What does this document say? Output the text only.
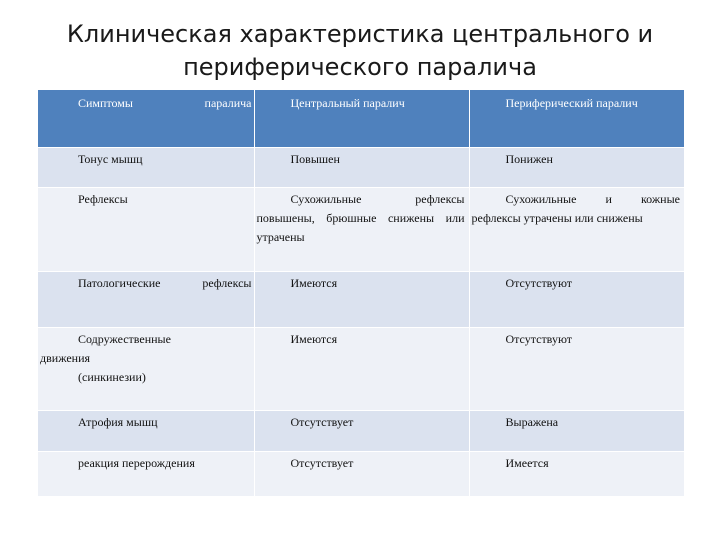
Клиническая характеристика центрального и
периферического паралича
Симптомы паралича	Центральный паралич	Периферический паралич

Тонус мышц	Повышен	Понижен

Рефлексы	Сухожильные рефлексы повышены, брюшные снижены или утрачены	Сухожильные и кожные рефлексы утрачены или снижены

Патологические рефлексы	Имеются	Отсутствуют

Содружественные
движения
(синкинезии)	Имеются	Отсутствуют

Атрофия мышц	Отсутствует	Выражена

реакция перерождения	Отсутствует	Имеется
